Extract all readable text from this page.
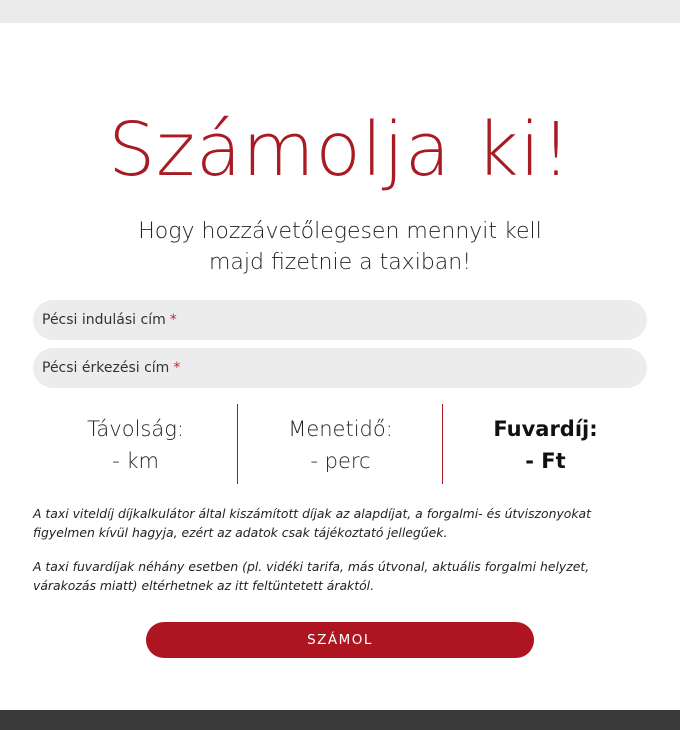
Számolja ki!
Hogy hozzávetőlegesen mennyit kell
majd fizetnie a taxiban!
Pécsi indulási cím *
Pécsi érkezési cím *
Távolság:
- km
Menetidő:
- perc
Fuvardíj:
- Ft
A taxi viteldíj díjkalkulátor által kiszámított díjak az alapdíjat, a forgalmi- és útviszonyokat figyelmen kívül hagyja, ezért az adatok csak tájékoztató jellegűek.
A taxi fuvardíjak néhány esetben (pl. vidéki tarifa, más útvonal, aktuális forgalmi helyzet, várakozás miatt) eltérhetnek az itt feltüntetett áraktól.
SZÁMOL
